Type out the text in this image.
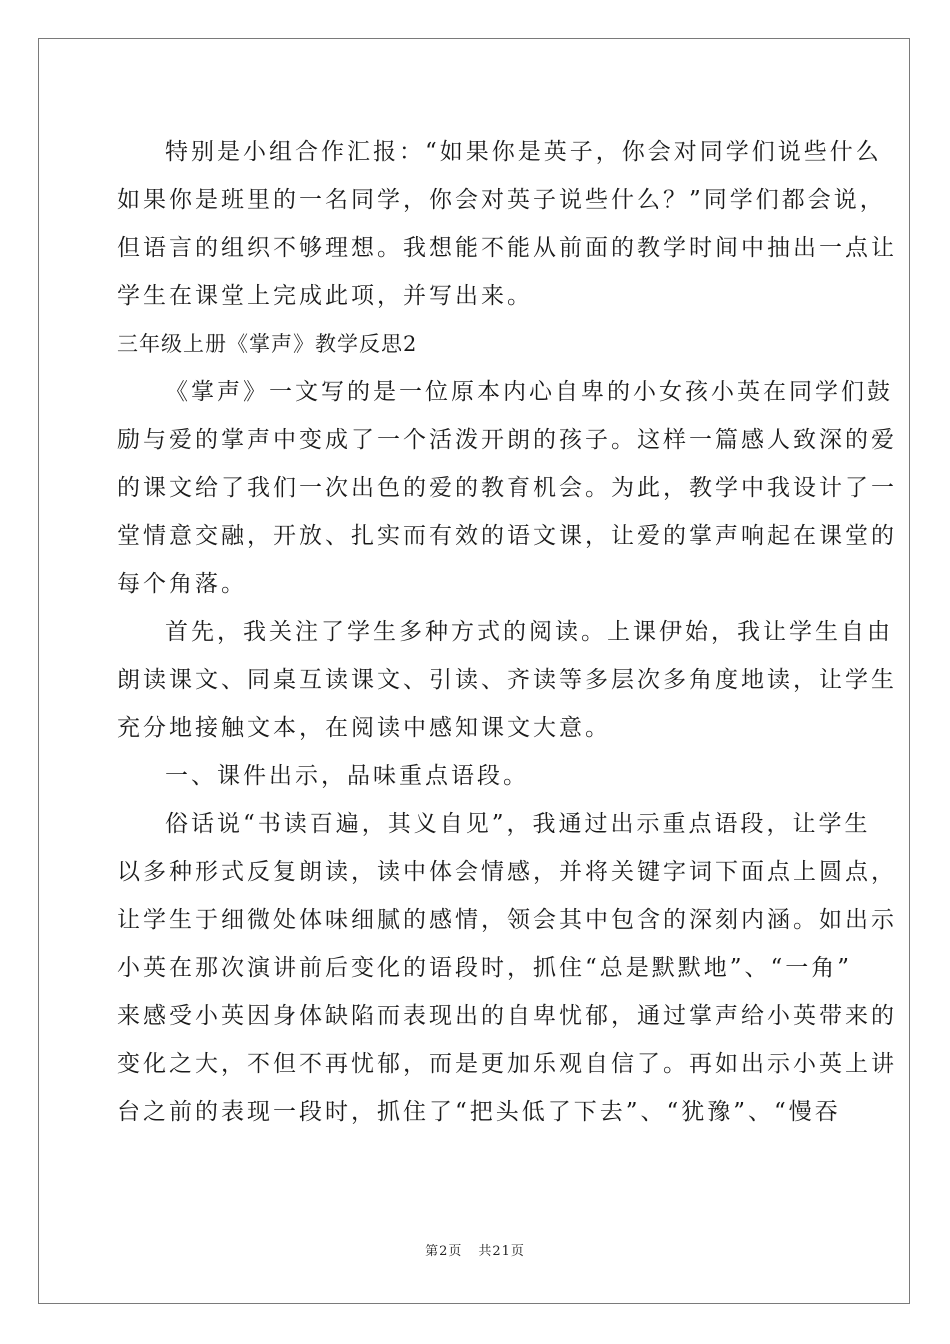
特别是小组合作汇报：“如果你是英子，你会对同学们说些什么
如果你是班里的一名同学，你会对英子说些什么？”同学们都会说，
但语言的组织不够理想。我想能不能从前面的教学时间中抽出一点让
学生在课堂上完成此项，并写出来。
三年级上册《掌声》教学反思2
《掌声》一文写的是一位原本内心自卑的小女孩小英在同学们鼓
励与爱的掌声中变成了一个活泼开朗的孩子。这样一篇感人致深的爱
的课文给了我们一次出色的爱的教育机会。为此，教学中我设计了一
堂情意交融，开放、扎实而有效的语文课，让爱的掌声响起在课堂的
每个角落。
首先，我关注了学生多种方式的阅读。上课伊始，我让学生自由
朗读课文、同桌互读课文、引读、齐读等多层次多角度地读，让学生
充分地接触文本，在阅读中感知课文大意。
一、课件出示，品味重点语段。
俗话说“书读百遍，其义自见”，我通过出示重点语段，让学生
以多种形式反复朗读，读中体会情感，并将关键字词下面点上圆点，
让学生于细微处体味细腻的感情，领会其中包含的深刻内涵。如出示
小英在那次演讲前后变化的语段时，抓住“总是默默地”、“一角”
来感受小英因身体缺陷而表现出的自卑忧郁，通过掌声给小英带来的
变化之大，不但不再忧郁，而是更加乐观自信了。再如出示小英上讲
台之前的表现一段时，抓住了“把头低了下去”、“犹豫”、“慢吞
第2页 共21页
